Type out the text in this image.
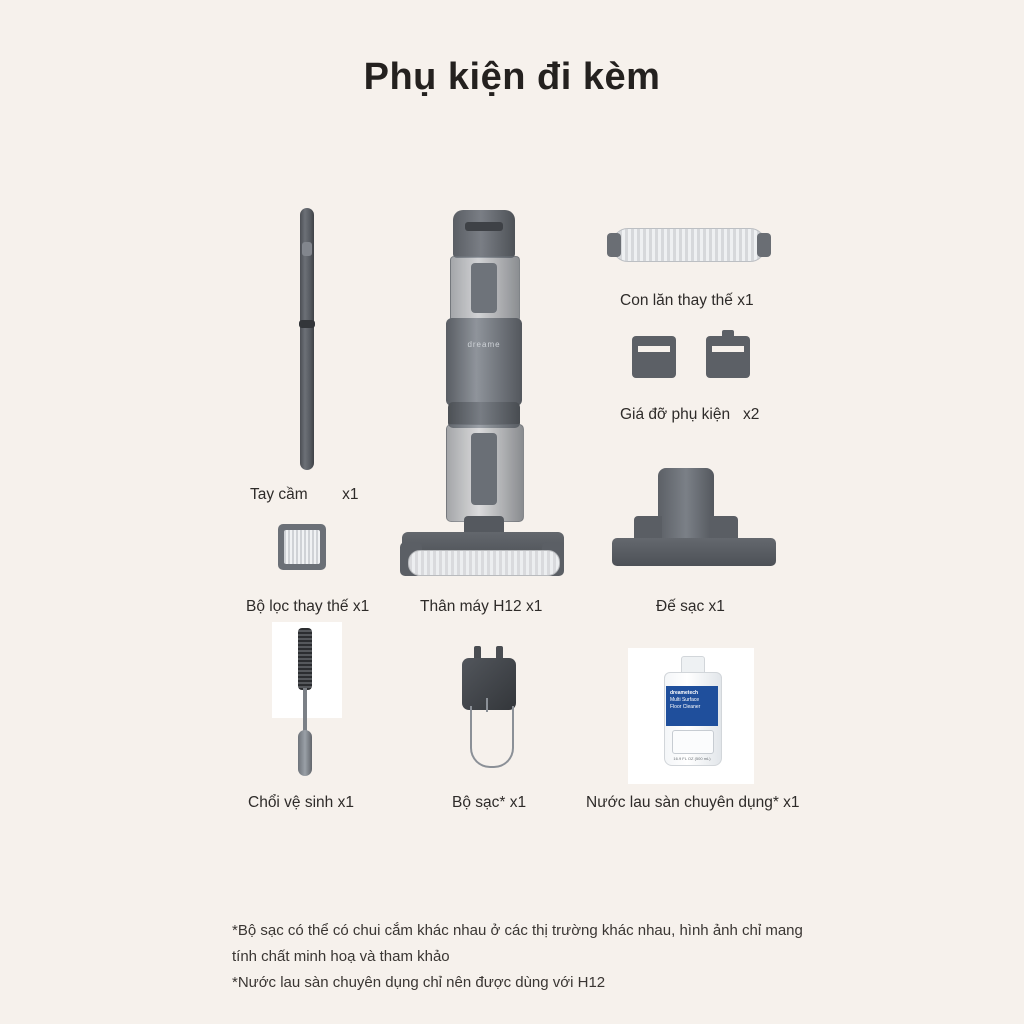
Phụ kiện đi kèm
Tay cầm        x1
dreame
Thân máy H12 x1
Con lăn thay thế x1
Giá đỡ phụ kiện   x2
Bộ lọc thay thế x1	Đế sạc x1
Chổi vệ sinh x1	Bộ sạc* x1
dreametech
Multi Surface
Floor Cleaner
16.9 FL OZ (500 mL)
Nước lau sàn chuyên dụng* x1
*Bộ sạc có thể có chui cắm khác nhau ở các thị trường khác nhau, hình ảnh chỉ mang tính chất minh hoạ và tham khảo
*Nước lau sàn chuyên dụng chỉ nên được dùng với H12
